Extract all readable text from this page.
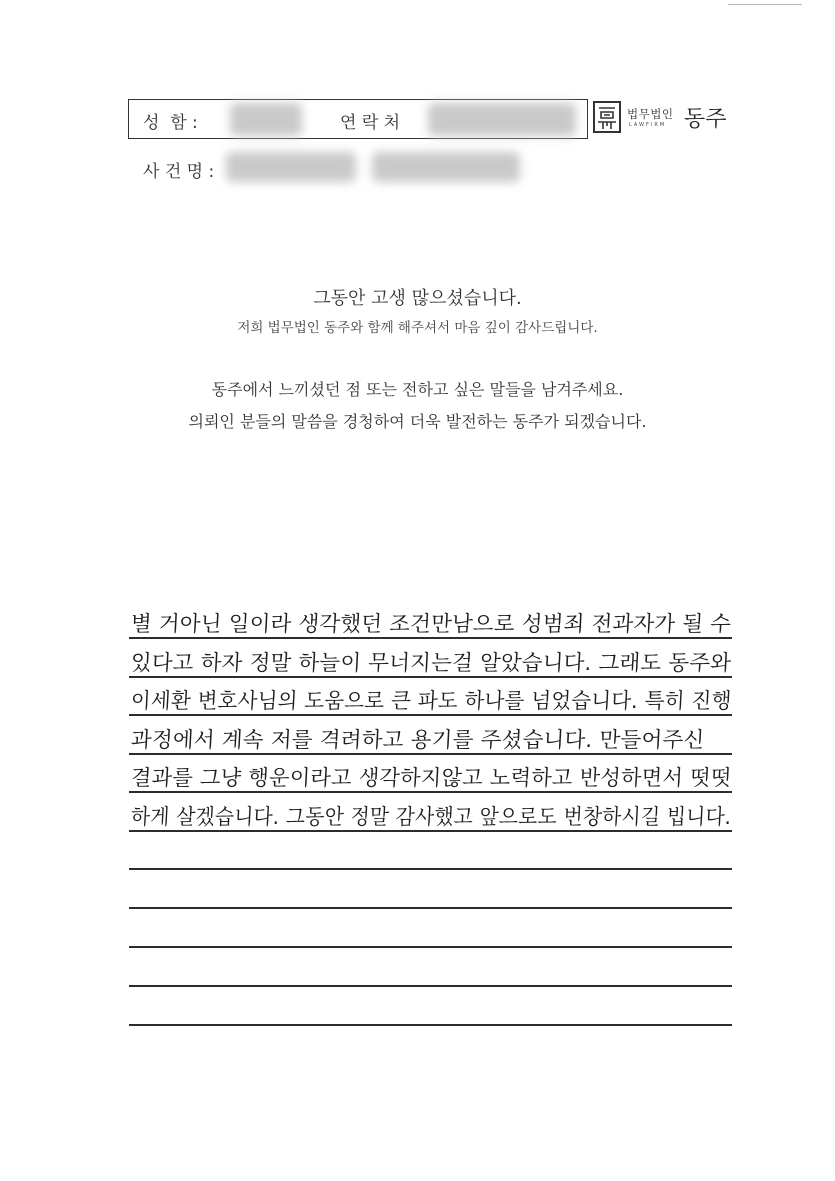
성  함 :	연 락 처
사 건 명 :
법무법인
LAWFIRM 동주
그동안 고생 많으셨습니다.
저희 법무법인 동주와 함께 해주셔서 마음 깊이 감사드립니다.
동주에서 느끼셨던 점 또는 전하고 싶은 말들을 남겨주세요.
의뢰인 분들의 말씀을 경청하여 더욱 발전하는 동주가 되겠습니다.
별 거아닌 일이라 생각했던 조건만남으로 성범죄 전과자가 될 수
있다고 하자 정말 하늘이 무너지는걸 알았습니다. 그래도 동주와
이세환 변호사님의 도움으로 큰 파도 하나를 넘었습니다. 특히 진행
과정에서 계속 저를 격려하고 용기를 주셨습니다. 만들어주신
결과를 그냥 행운이라고 생각하지않고 노력하고 반성하면서 떳떳
하게 살겠습니다. 그동안 정말 감사했고 앞으로도 번창하시길 빕니다.
